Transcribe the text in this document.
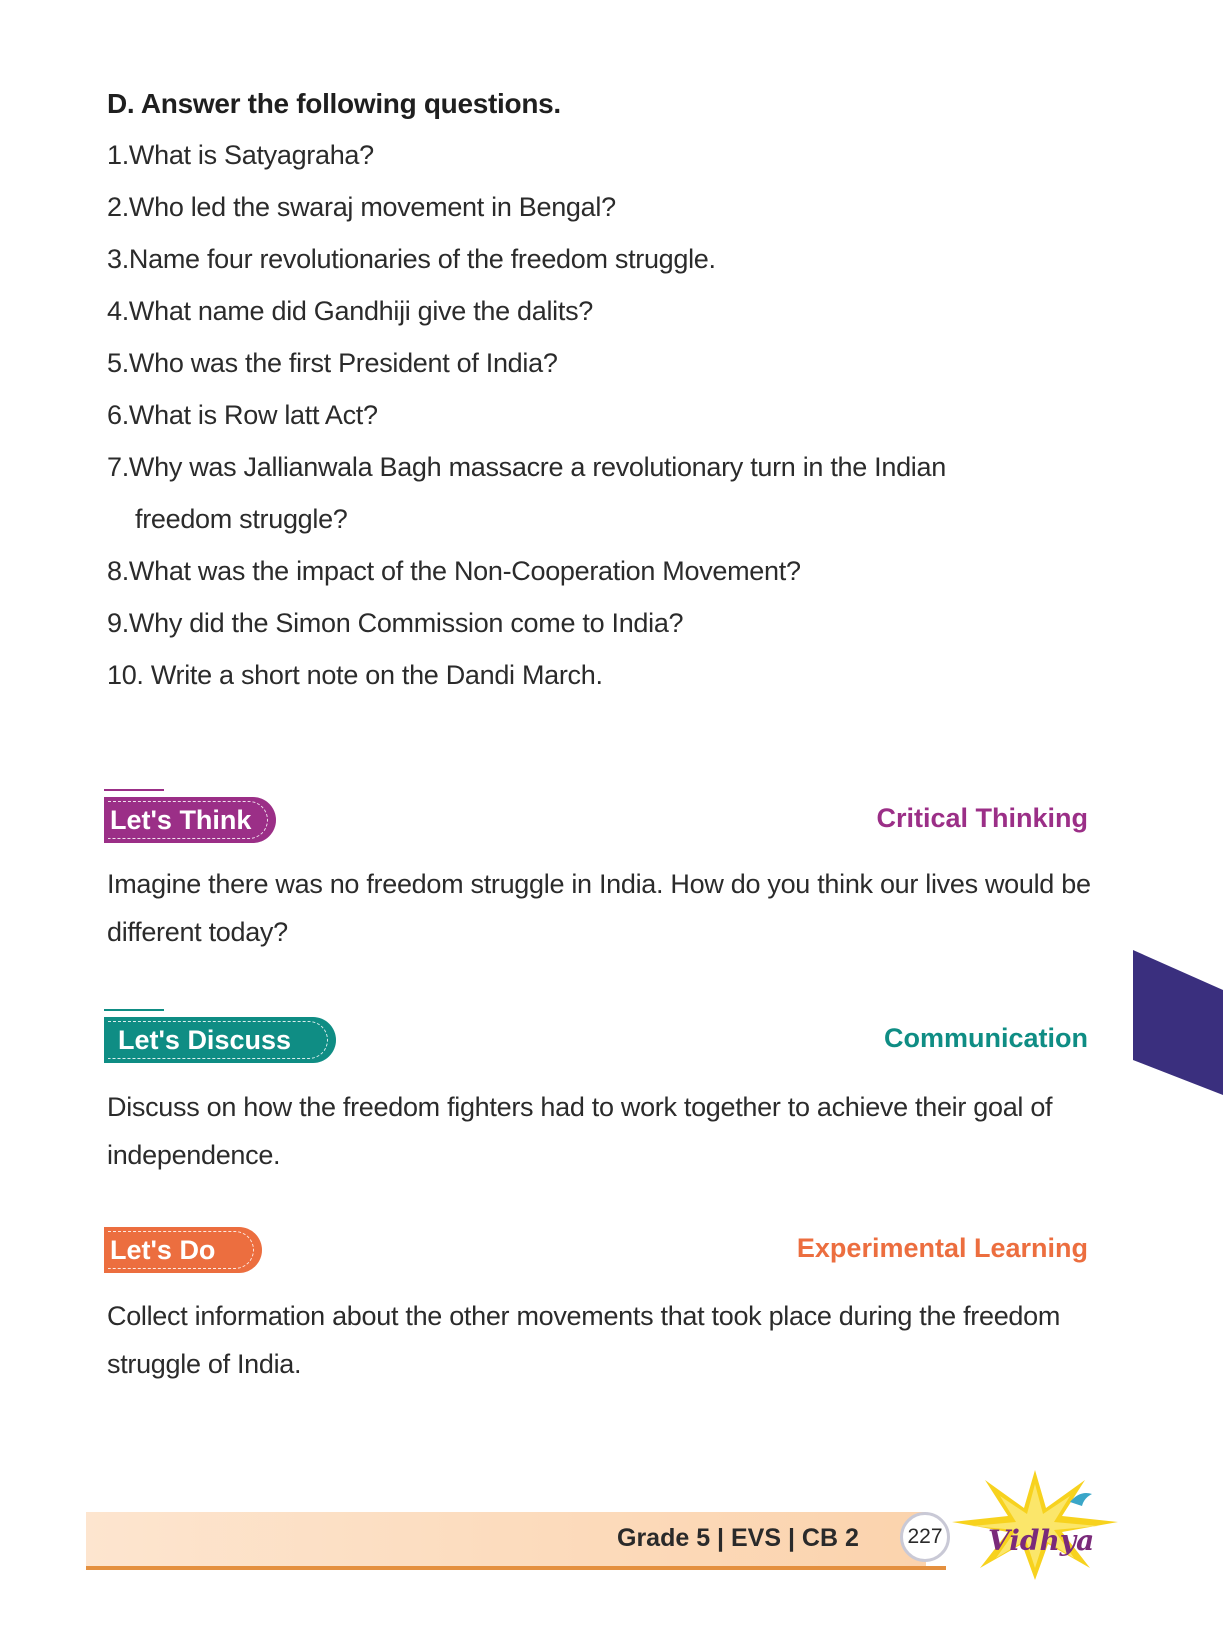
D. Answer the following questions.
1.What is Satyagraha?
2.Who led the swaraj movement in Bengal?
3.Name four revolutionaries of the freedom struggle.
4.What name did Gandhiji give the dalits?
5.Who was the first President of India?
6.What is Row latt Act?
7.Why was Jallianwala Bagh massacre a revolutionary turn in the Indian
freedom struggle?
8.What was the impact of the Non-Cooperation Movement?
9.Why did the Simon Commission come to India?
10. Write a short note on the Dandi March.
Let's Think	Critical Thinking
Imagine there was no freedom struggle in India. How do you think our lives would be different today?
Let's Discuss	Communication
Discuss on how the freedom fighters had to work together to achieve their goal of independence.
Let's Do	Experimental Learning
Collect information about the other movements that took place during the freedom struggle of India.
Grade 5 | EVS | CB 2	227 Vidhya
